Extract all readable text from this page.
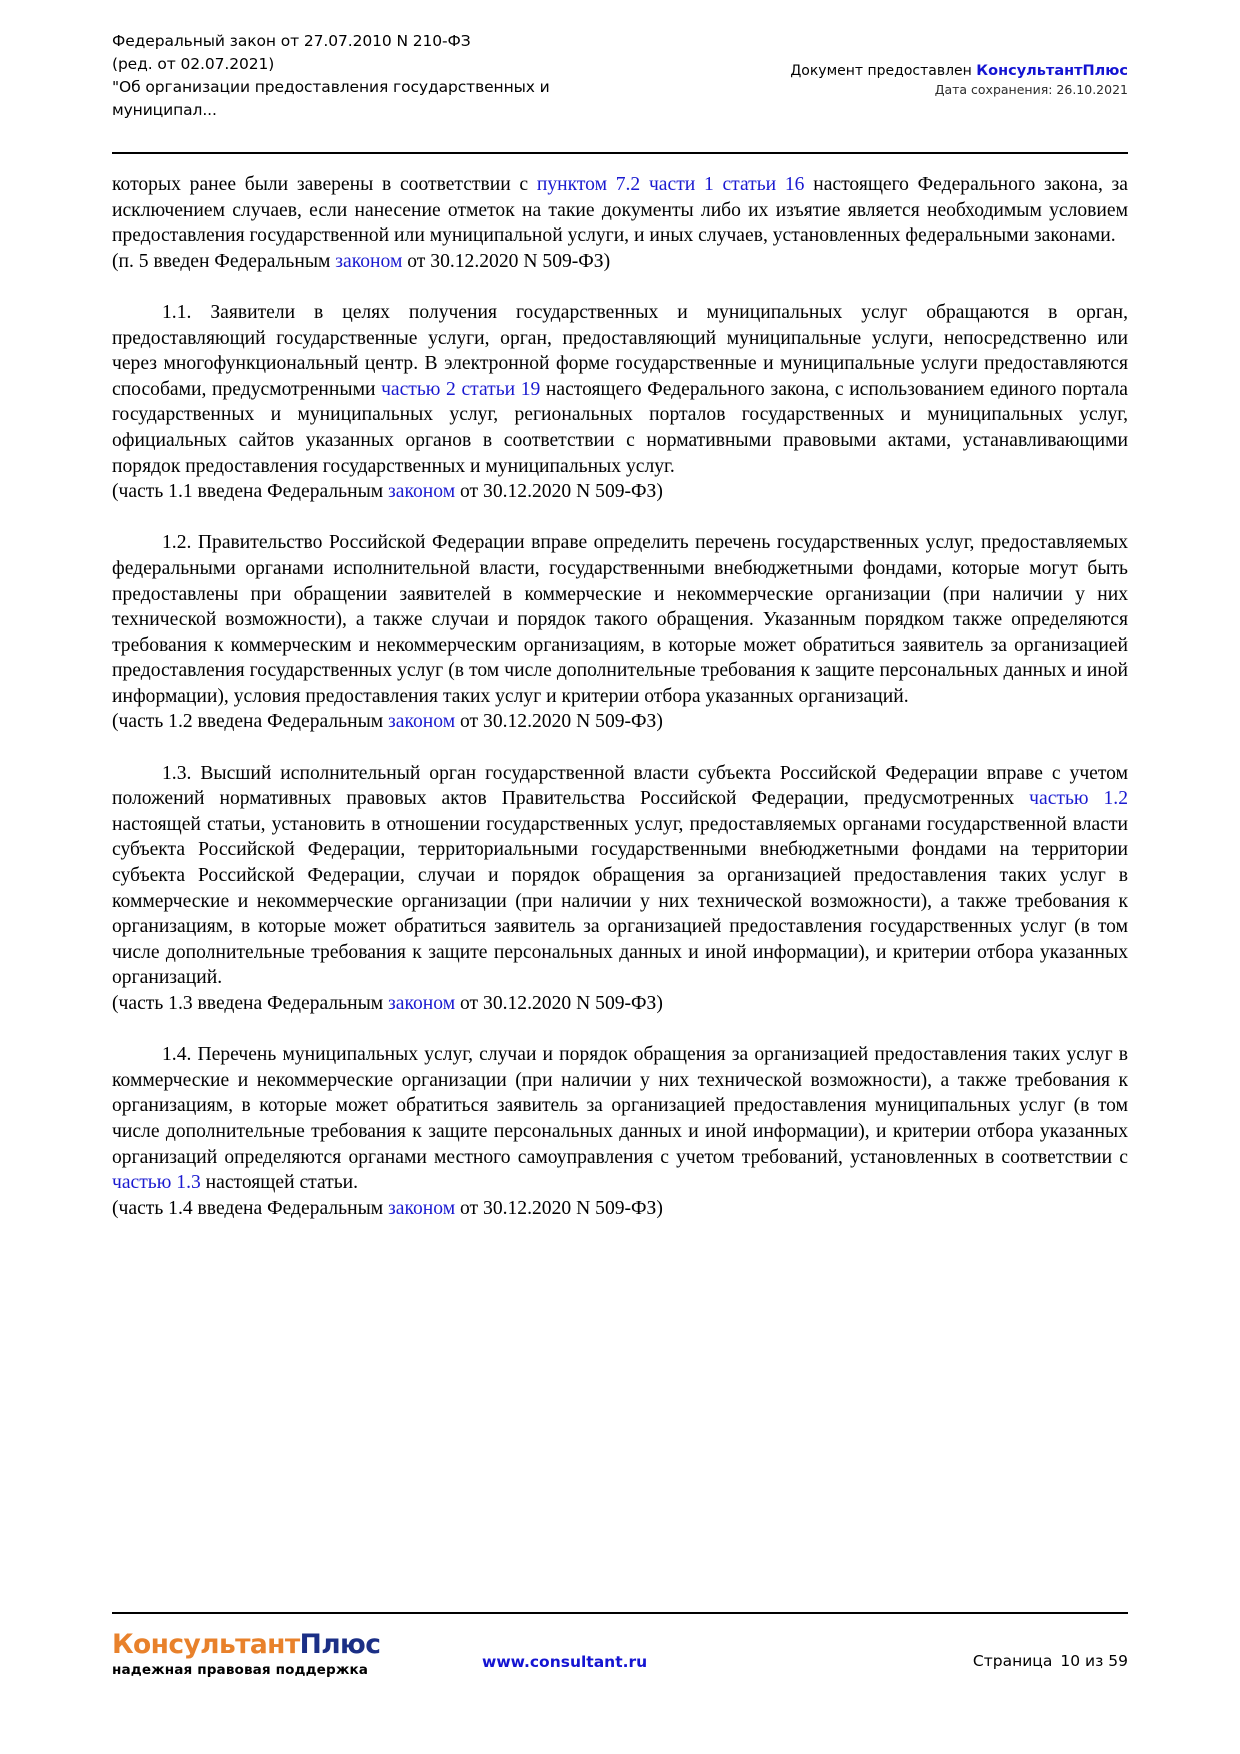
Федеральный закон от 27.07.2010 N 210-ФЗ
(ред. от 02.07.2021)
"Об организации предоставления государственных и
муниципал...
Документ предоставлен КонсультантПлюс
Дата сохранения: 26.10.2021

которых ранее были заверены в соответствии с пунктом 7.2 части 1 статьи 16 настоящего Федерального закона, за исключением случаев, если нанесение отметок на такие документы либо их изъятие является необходимым условием предоставления государственной или муниципальной услуги, и иных случаев, установленных федеральными законами.

(п. 5 введен Федеральным законом от 30.12.2020 N 509-ФЗ)

1.1. Заявители в целях получения государственных и муниципальных услуг обращаются в орган, предоставляющий государственные услуги, орган, предоставляющий муниципальные услуги, непосредственно или через многофункциональный центр. В электронной форме государственные и муниципальные услуги предоставляются способами, предусмотренными частью 2 статьи 19 настоящего Федерального закона, с использованием единого портала государственных и муниципальных услуг, региональных порталов государственных и муниципальных услуг, официальных сайтов указанных органов в соответствии с нормативными правовыми актами, устанавливающими порядок предоставления государственных и муниципальных услуг.

(часть 1.1 введена Федеральным законом от 30.12.2020 N 509-ФЗ)

1.2. Правительство Российской Федерации вправе определить перечень государственных услуг, предоставляемых федеральными органами исполнительной власти, государственными внебюджетными фондами, которые могут быть предоставлены при обращении заявителей в коммерческие и некоммерческие организации (при наличии у них технической возможности), а также случаи и порядок такого обращения. Указанным порядком также определяются требования к коммерческим и некоммерческим организациям, в которые может обратиться заявитель за организацией предоставления государственных услуг (в том числе дополнительные требования к защите персональных данных и иной информации), условия предоставления таких услуг и критерии отбора указанных организаций.

(часть 1.2 введена Федеральным законом от 30.12.2020 N 509-ФЗ)

1.3. Высший исполнительный орган государственной власти субъекта Российской Федерации вправе с учетом положений нормативных правовых актов Правительства Российской Федерации, предусмотренных частью 1.2 настоящей статьи, установить в отношении государственных услуг, предоставляемых органами государственной власти субъекта Российской Федерации, территориальными государственными внебюджетными фондами на территории субъекта Российской Федерации, случаи и порядок обращения за организацией предоставления таких услуг в коммерческие и некоммерческие организации (при наличии у них технической возможности), а также требования к организациям, в которые может обратиться заявитель за организацией предоставления государственных услуг (в том числе дополнительные требования к защите персональных данных и иной информации), и критерии отбора указанных организаций.

(часть 1.3 введена Федеральным законом от 30.12.2020 N 509-ФЗ)

1.4. Перечень муниципальных услуг, случаи и порядок обращения за организацией предоставления таких услуг в коммерческие и некоммерческие организации (при наличии у них технической возможности), а также требования к организациям, в которые может обратиться заявитель за организацией предоставления муниципальных услуг (в том числе дополнительные требования к защите персональных данных и иной информации), и критерии отбора указанных организаций определяются органами местного самоуправления с учетом требований, установленных в соответствии с частью 1.3 настоящей статьи.

(часть 1.4 введена Федеральным законом от 30.12.2020 N 509-ФЗ)

КонсультантПлюс
надежная правовая поддержка	www.consultant.ru	Страница 10 из 59
